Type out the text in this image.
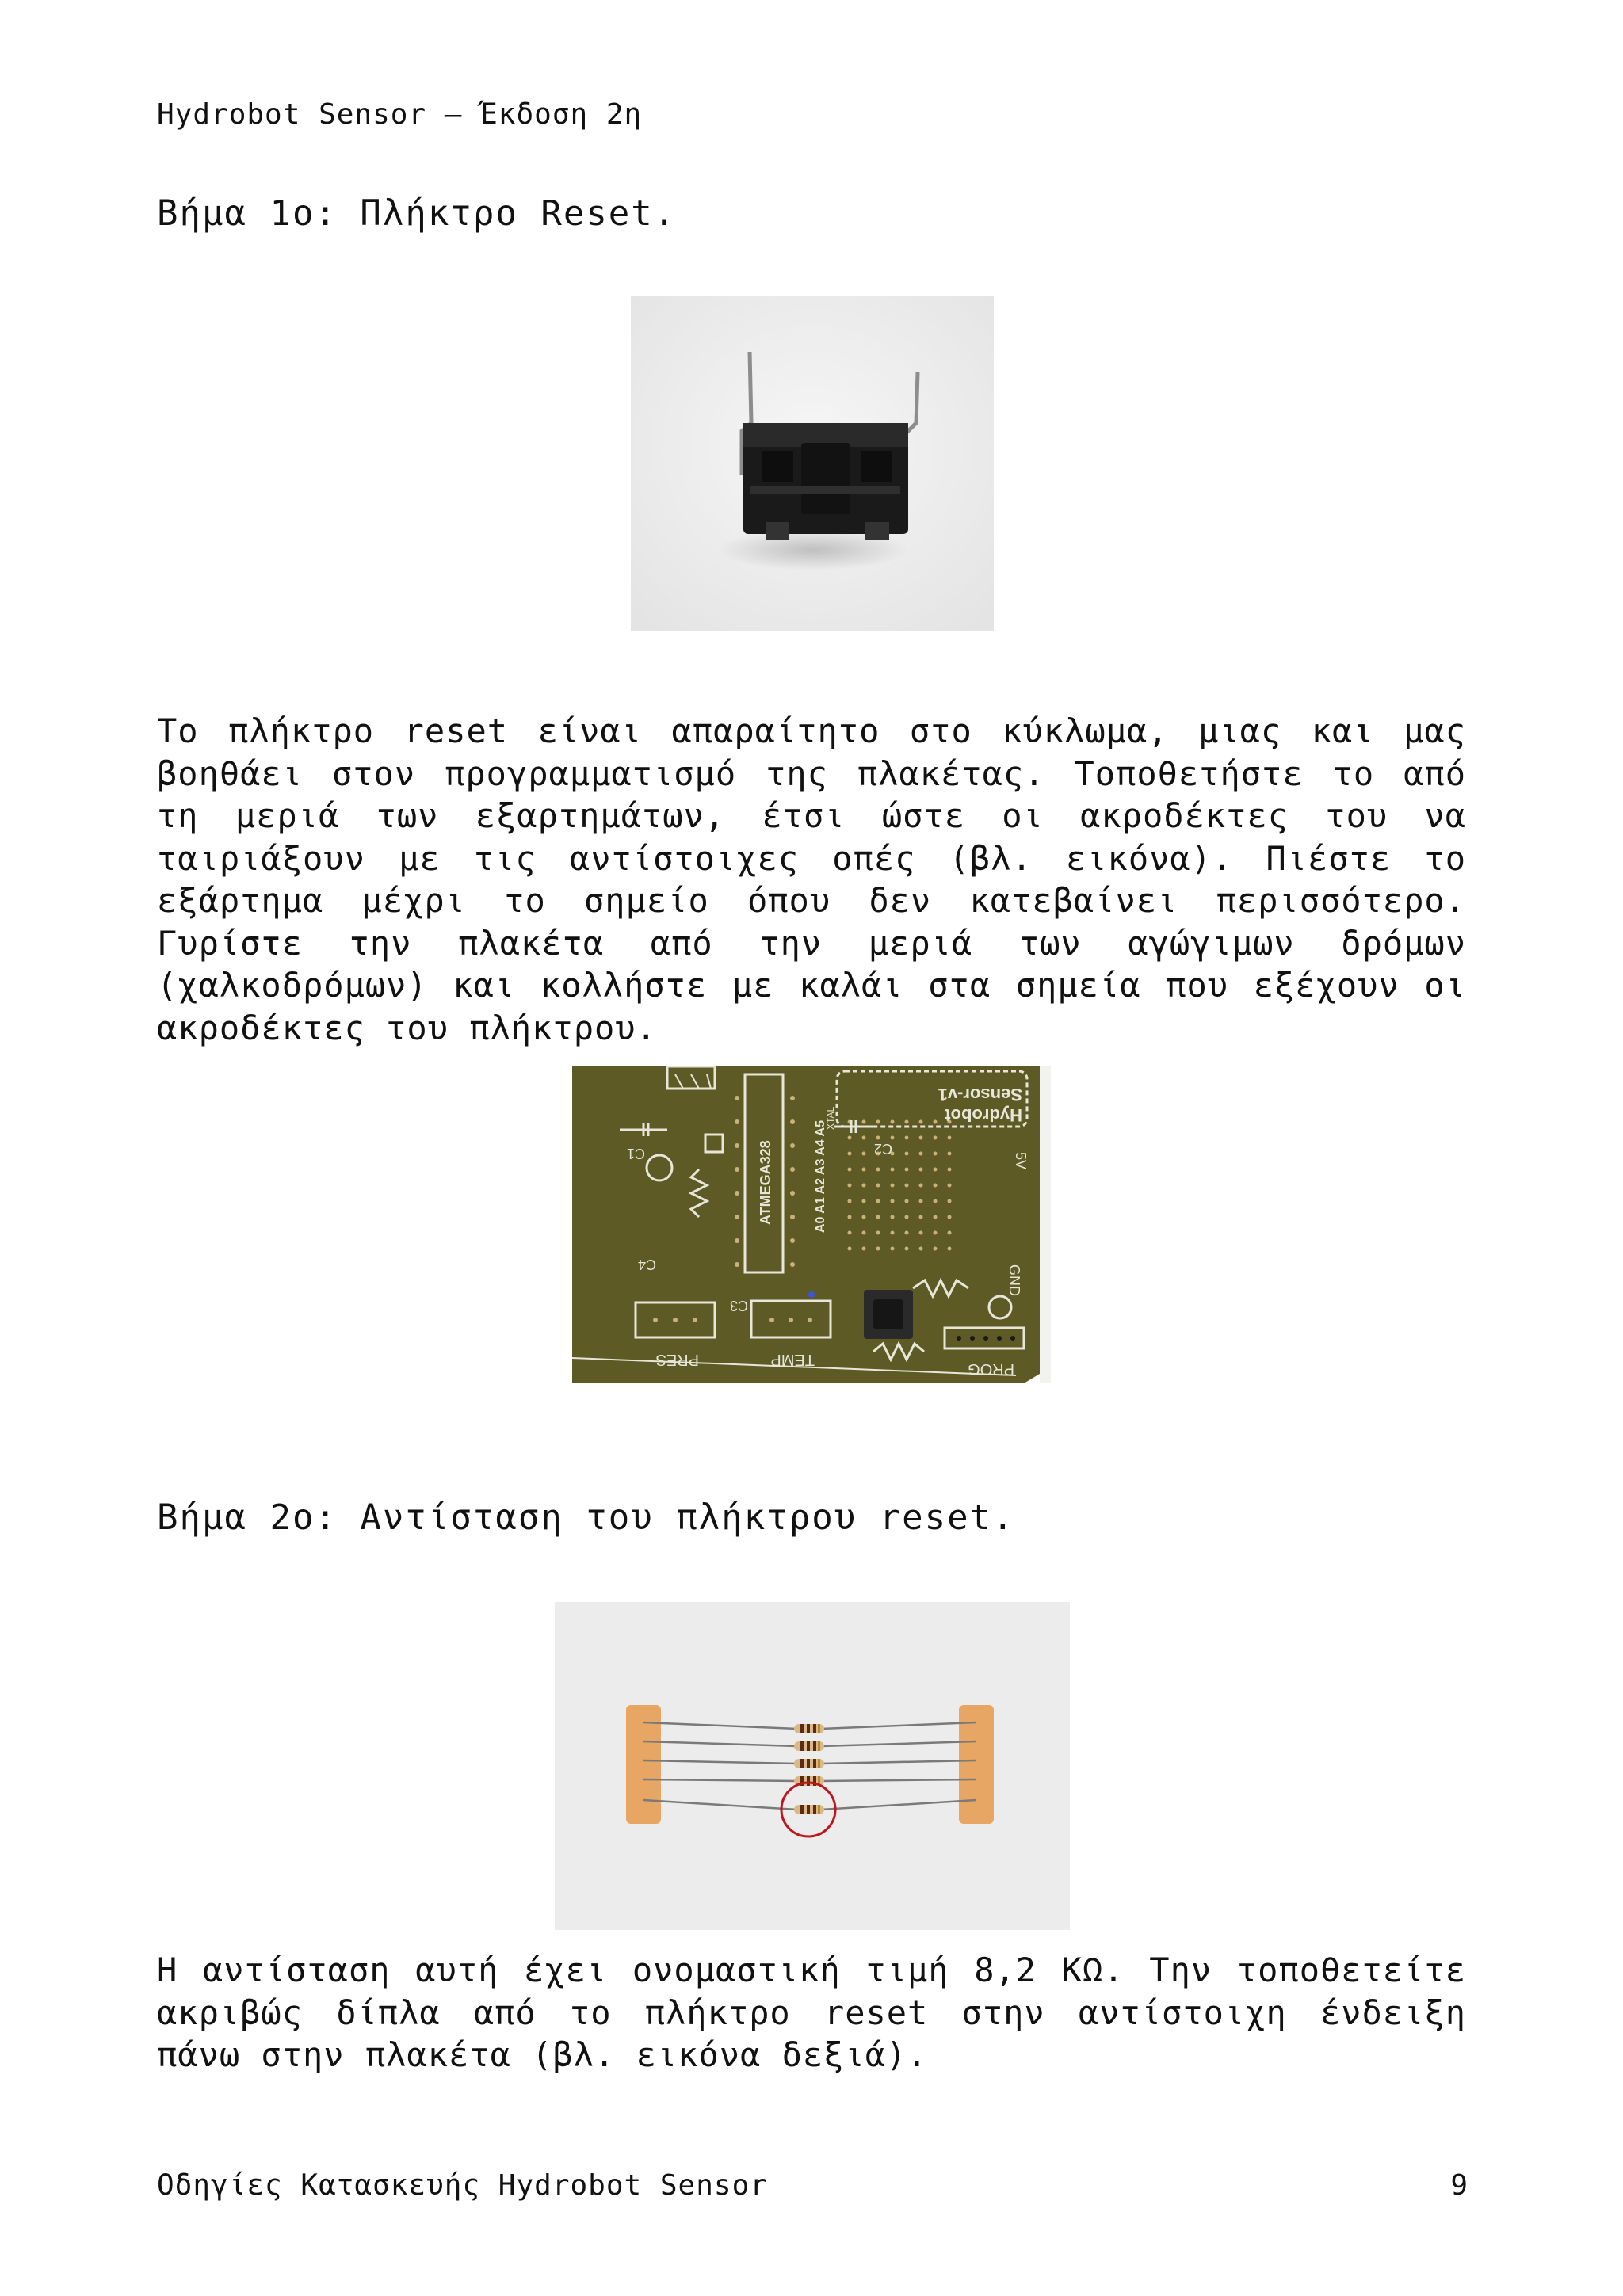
Hydrobot Sensor – Έκδοση 2η
Βήμα 1ο: Πλήκτρο Reset.

Το πλήκτρο reset είναι απαραίτητο στο κύκλωμα, μιας και μας βοηθάει στον προγραμματισμό της πλακέτας. Τοποθετήστε το από τη μεριά των εξαρτημάτων, έτσι ώστε οι ακροδέκτες του να ταιριάξουν με τις αντίστοιχες οπές (βλ. εικόνα). Πιέστε το εξάρτημα μέχρι το σημείο όπου δεν κατεβαίνει περισσότερο. Γυρίστε την πλακέτα από την μεριά των αγώγιμων δρόμων (χαλκοδρόμων) και κολλήστε με καλάι στα σημεία που εξέχουν οι ακροδέκτες του πλήκτρου.

ATMEGA328	A0 A1 A2 A3 A4 A5
Sensor-v1
Hydrobot
C1	C2
C3
C4
XTAL
5V
GND
PRES	TEMP
PROG
Βήμα 2ο: Αντίσταση του πλήκτρου reset.

Η αντίσταση αυτή έχει ονομαστική τιμή 8,2 ΚΩ. Την τοποθετείτε ακριβώς δίπλα από το πλήκτρο reset στην αντίστοιχη ένδειξη πάνω στην πλακέτα (βλ. εικόνα δεξιά).

Οδηγίες Κατασκευής Hydrobot Sensor	9
